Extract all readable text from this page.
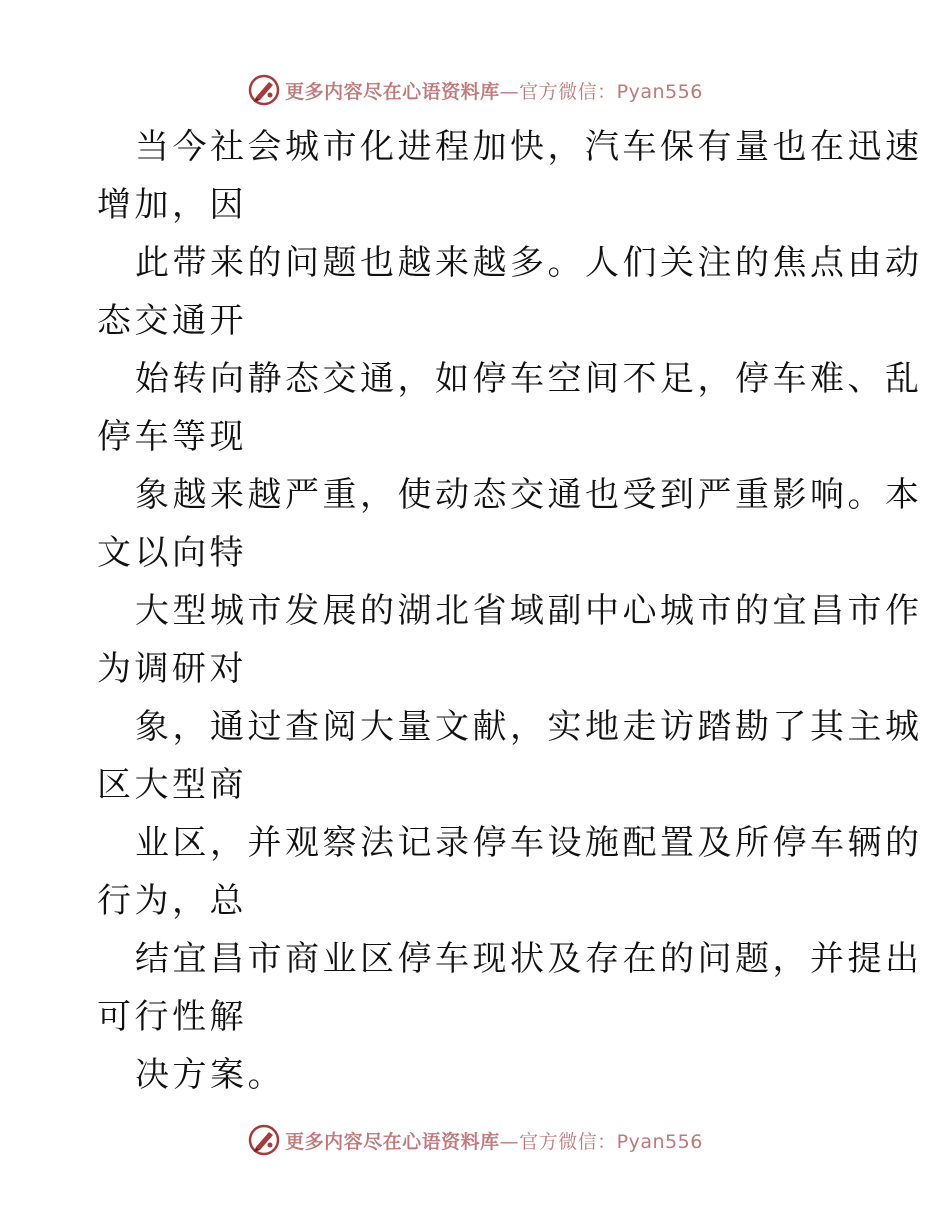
更多内容尽在心语资料库—官方微信：Pyan556
当今社会城市化进程加快，汽车保有量也在迅速
增加，因
此带来的问题也越来越多。人们关注的焦点由动
态交通开
始转向静态交通，如停车空间不足，停车难、乱
停车等现
象越来越严重，使动态交通也受到严重影响。本
文以向特
大型城市发展的湖北省域副中心城市的宜昌市作
为调研对
象，通过查阅大量文献，实地走访踏勘了其主城
区大型商
业区，并观察法记录停车设施配置及所停车辆的
行为，总
结宜昌市商业区停车现状及存在的问题，并提出
可行性解
决方案。
更多内容尽在心语资料库—官方微信：Pyan556
